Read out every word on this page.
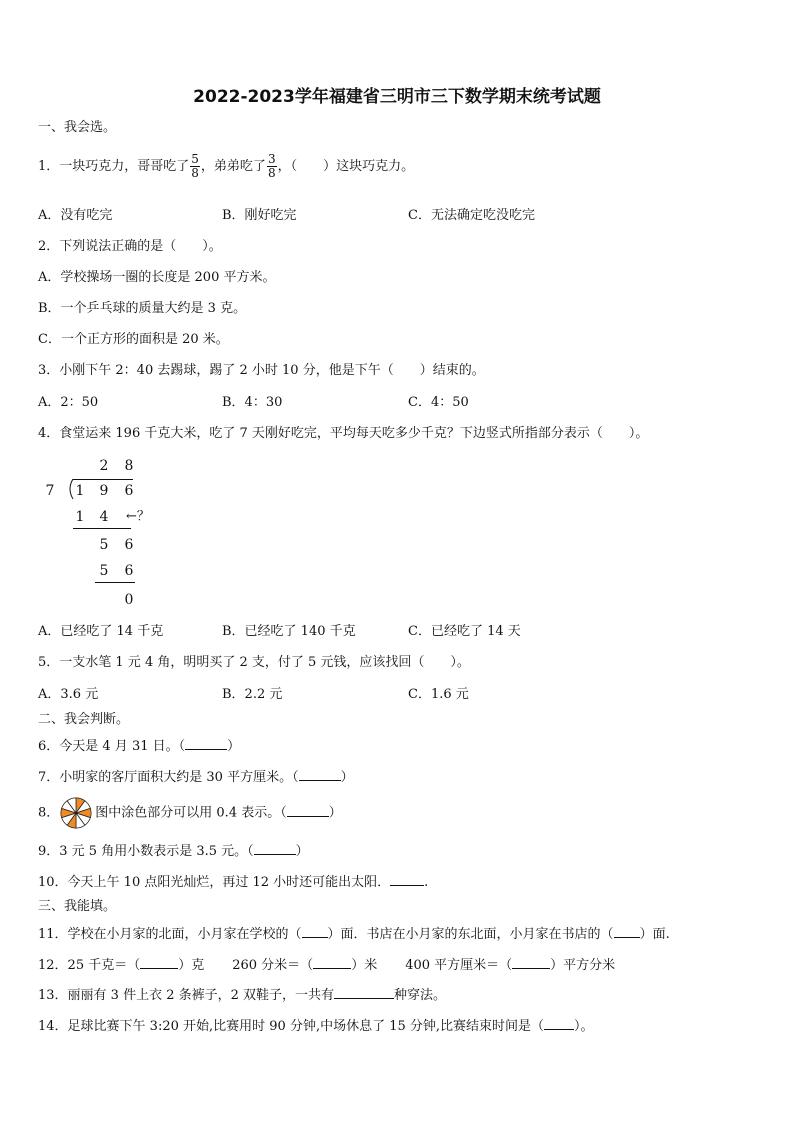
2022-2023学年福建省三明市三下数学期末统考试题
一、我会选。
1．一块巧克力，哥哥吃了 $\frac{5}{8}$ ，弟弟吃了 $\frac{3}{8}$ ，（　　）这块巧克力。
A．没有吃完	B．刚好吃完	C．无法确定吃没吃完
2．下列说法正确的是（　　）。
A．学校操场一圈的长度是 200 平方米。
B．一个乒乓球的质量大约是 3 克。
C．一个正方形的面积是 20 米。
3．小刚下午 2：40 去踢球，踢了 2 小时 10 分，他是下午（　　）结束的。
A．2：50	B．4：30	C．4：50
4．食堂运来 196 千克大米，吃了 7 天刚好吃完，平均每天吃多少千克？下边竖式所指部分表示（　　）。
2 8
7 1 9 6
1 4 ←？
5 6
5 6
0
A．已经吃了 14 千克	B．已经吃了 140 千克	C．已经吃了 14 天
5．一支水笔 1 元 4 角，明明买了 2 支，付了 5 元钱，应该找回（　　）。
A．3.6 元	B．2.2 元	C．1.6 元
二、我会判断。
6．今天是 4 月 31 日。（	）
7．小明家的客厅面积大约是 30 平方厘米。（	）
8．	图中涂色部分可以用 0.4 表示。（	）
9．3 元 5 角用小数表示是 3.5 元。（	）
10．今天上午 10 点阳光灿烂，再过 12 小时还可能出太阳．	.
三、我能填。
11．学校在小月家的北面，小月家在学校的（ ）面．书店在小月家的东北面，小月家在书店的（ ）面.
12．25 千克＝（	）克 260 分米＝（	）米 400 平方厘米＝（	）平方分米
13．丽丽有 3 件上衣 2 条裤子，2 双鞋子，一共有	种穿法。
14．足球比赛下午 3:20 开始,比赛用时 90 分钟,中场休息了 15 分钟,比赛结束时间是（ ）。
